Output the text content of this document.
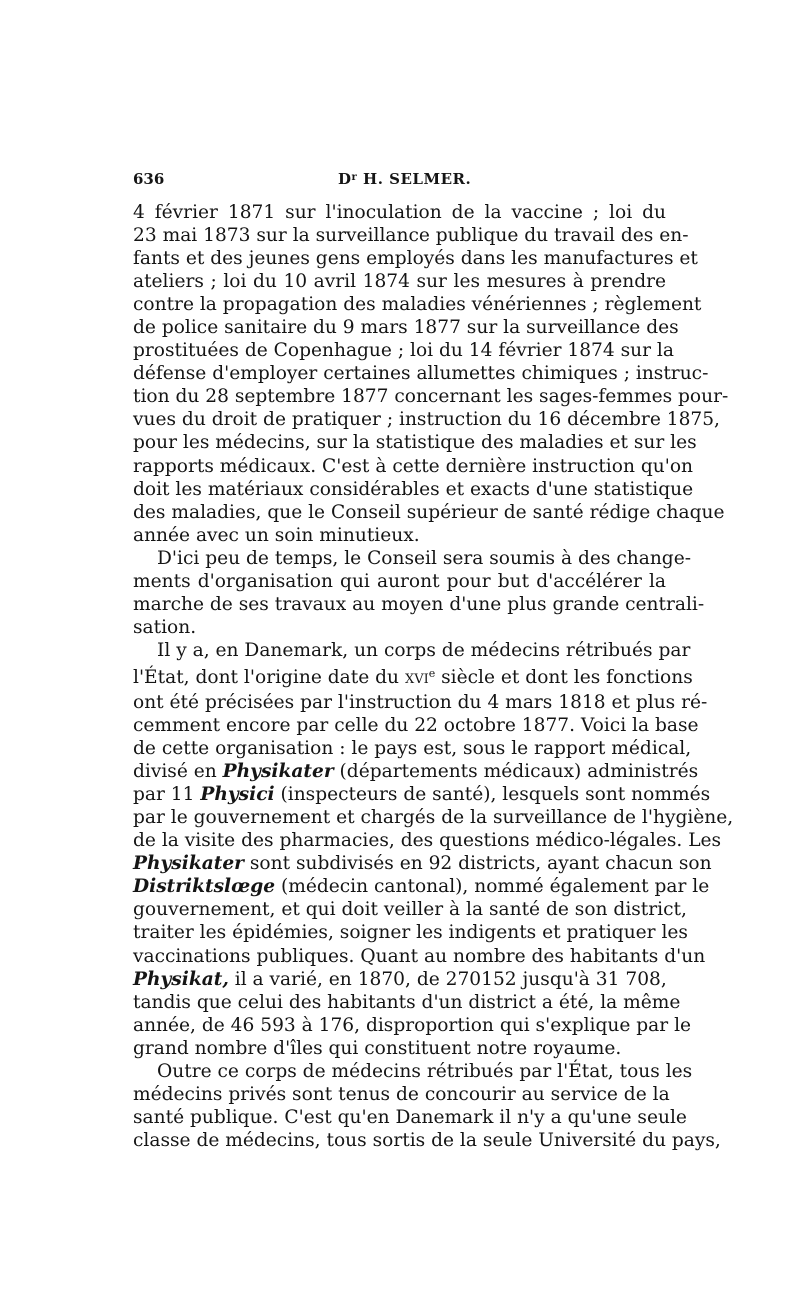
636	$D^r$ H. SELMER.
4 février 1871 sur l'inoculation de la vaccine ; loi du
23 mai 1873 sur la surveillance publique du travail des en-
fants et des jeunes gens employés dans les manufactures et
ateliers ; loi du 10 avril 1874 sur les mesures à prendre
contre la propagation des maladies vénériennes ; règlement
de police sanitaire du 9 mars 1877 sur la surveillance des
prostituées de Copenhague ; loi du 14 février 1874 sur la
défense d'employer certaines allumettes chimiques ; instruc-
tion du 28 septembre 1877 concernant les sages-femmes pour-
vues du droit de pratiquer ; instruction du 16 décembre 1875,
pour les médecins, sur la statistique des maladies et sur les
rapports médicaux. C'est à cette dernière instruction qu'on
doit les matériaux considérables et exacts d'une statistique
des maladies, que le Conseil supérieur de santé rédige chaque
année avec un soin minutieux.
D'ici peu de temps, le Conseil sera soumis à des change-
ments d'organisation qui auront pour but d'accélérer la
marche de ses travaux au moyen d'une plus grande centrali-
sation.
Il y a, en Danemark, un corps de médecins rétribués par
l'État, dont l'origine date du XVIe siècle et dont les fonctions
ont été précisées par l'instruction du 4 mars 1818 et plus ré-
cemment encore par celle du 22 octobre 1877. Voici la base
de cette organisation : le pays est, sous le rapport médical,
divisé en Physikater (départements médicaux) administrés
par 11 Physici (inspecteurs de santé), lesquels sont nommés
par le gouvernement et chargés de la surveillance de l'hygiène,
de la visite des pharmacies, des questions médico-légales. Les
Physikater sont subdivisés en 92 districts, ayant chacun son
Distriktslœge (médecin cantonal), nommé également par le
gouvernement, et qui doit veiller à la santé de son district,
traiter les épidémies, soigner les indigents et pratiquer les
vaccinations publiques. Quant au nombre des habitants d'un
Physikat, il a varié, en 1870, de 270152 jusqu'à 31 708,
tandis que celui des habitants d'un district a été, la même
année, de 46 593 à 176, disproportion qui s'explique par le
grand nombre d'îles qui constituent notre royaume.
Outre ce corps de médecins rétribués par l'État, tous les
médecins privés sont tenus de concourir au service de la
santé publique. C'est qu'en Danemark il n'y a qu'une seule
classe de médecins, tous sortis de la seule Université du pays,
